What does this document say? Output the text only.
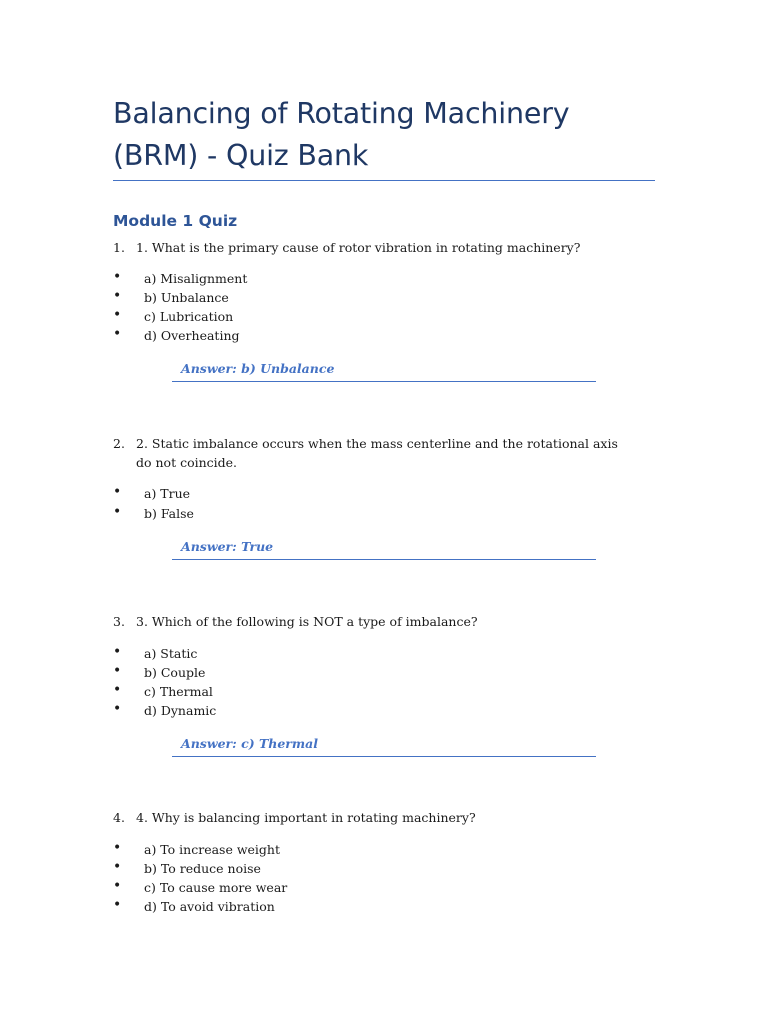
Balancing of Rotating Machinery (BRM) - Quiz Bank
Module 1 Quiz
1. 1. What is the primary cause of rotor vibration in rotating machinery?
• a) Misalignment
• b) Unbalance
• c) Lubrication
• d) Overheating
Answer: b) Unbalance
2. 2. Static imbalance occurs when the mass centerline and the rotational axis do not coincide.
• a) True
• b) False
Answer: True
3. 3. Which of the following is NOT a type of imbalance?
• a) Static
• b) Couple
• c) Thermal
• d) Dynamic
Answer: c) Thermal
4. 4. Why is balancing important in rotating machinery?
• a) To increase weight
• b) To reduce noise
• c) To cause more wear
• d) To avoid vibration
